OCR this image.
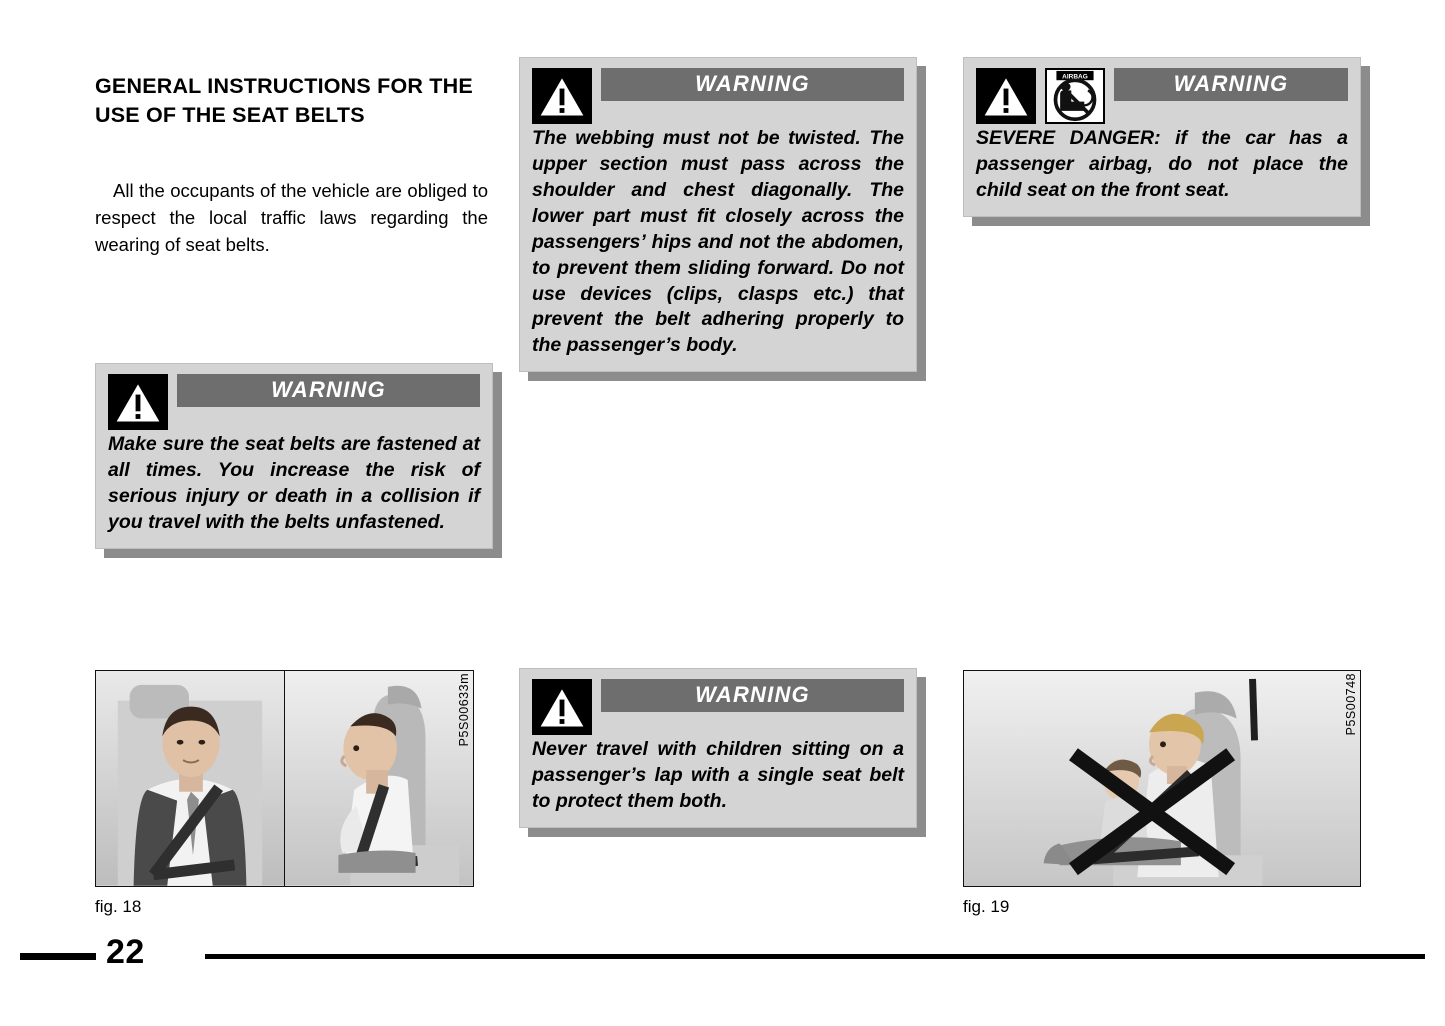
GENERAL INSTRUCTIONS FOR THE USE OF THE SEAT BELTS

All the occupants of the vehicle are obliged to respect the local traffic laws regarding the wearing of seat belts.

WARNING
Make sure the seat belts are fastened at all times. You increase the risk of serious injury or death in a collision if you travel with the belts unfastened.
WARNING
The webbing must not be twisted. The upper section must pass across the shoulder and chest diagonally. The lower part must fit closely across the passengers’ hips and not the abdomen, to prevent them sliding forward. Do not use devices (clips, clasps etc.) that prevent the belt adhering properly to the passenger’s body.
AIRBAG	WARNING
SEVERE DANGER: if the car has a passenger airbag, do not place the child seat on the front seat.
WARNING
Never travel with children sitting on a passenger’s lap with a single seat belt to protect them both.
P5S00633m
fig. 18
P5S00748
fig. 19
22
